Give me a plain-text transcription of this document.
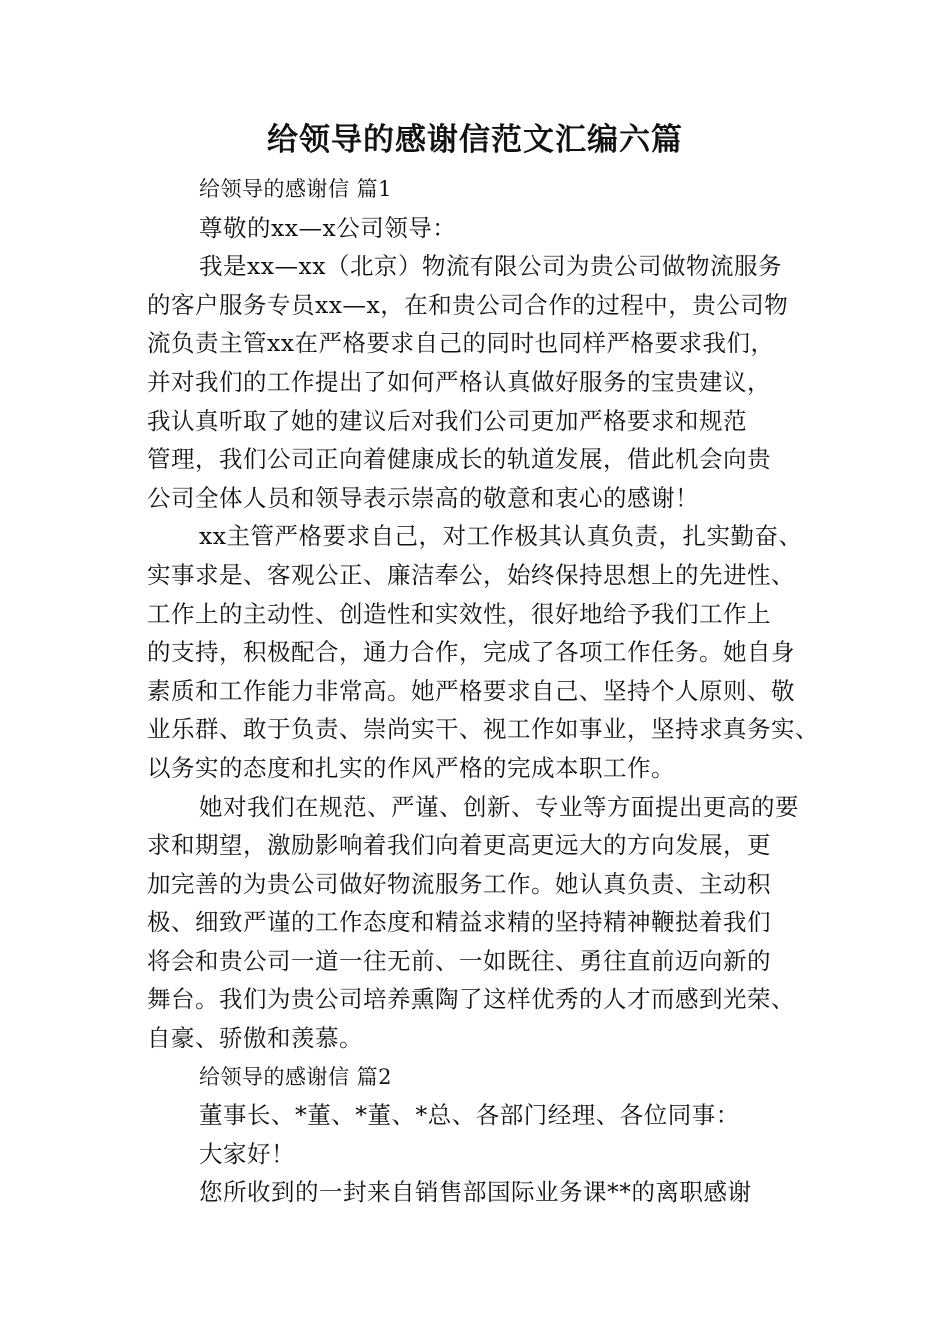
给领导的感谢信范文汇编六篇
给领导的感谢信 篇1
尊敬的xx—x公司领导：

我是xx—xx（北京）物流有限公司为贵公司做物流服务
的客户服务专员xx—x，在和贵公司合作的过程中，贵公司物
流负责主管xx在严格要求自己的同时也同样严格要求我们，
并对我们的工作提出了如何严格认真做好服务的宝贵建议，
我认真听取了她的建议后对我们公司更加严格要求和规范
管理，我们公司正向着健康成长的轨道发展，借此机会向贵
公司全体人员和领导表示崇高的敬意和衷心的感谢！

xx主管严格要求自己，对工作极其认真负责，扎实勤奋、
实事求是、客观公正、廉洁奉公，始终保持思想上的先进性、
工作上的主动性、创造性和实效性，很好地给予我们工作上
的支持，积极配合，通力合作，完成了各项工作任务。她自身
素质和工作能力非常高。她严格要求自己、坚持个人原则、敬
业乐群、敢于负责、崇尚实干、视工作如事业，坚持求真务实、
以务实的态度和扎实的作风严格的完成本职工作。

她对我们在规范、严谨、创新、专业等方面提出更高的要
求和期望，激励影响着我们向着更高更远大的方向发展，更
加完善的为贵公司做好物流服务工作。她认真负责、主动积
极、细致严谨的工作态度和精益求精的坚持精神鞭挞着我们
将会和贵公司一道一往无前、一如既往、勇往直前迈向新的
舞台。我们为贵公司培养熏陶了这样优秀的人才而感到光荣、
自豪、骄傲和羡慕。

给领导的感谢信 篇2
董事长、*董、*董、*总、各部门经理、各位同事：
大家好！
您所收到的一封来自销售部国际业务课**的离职感谢
